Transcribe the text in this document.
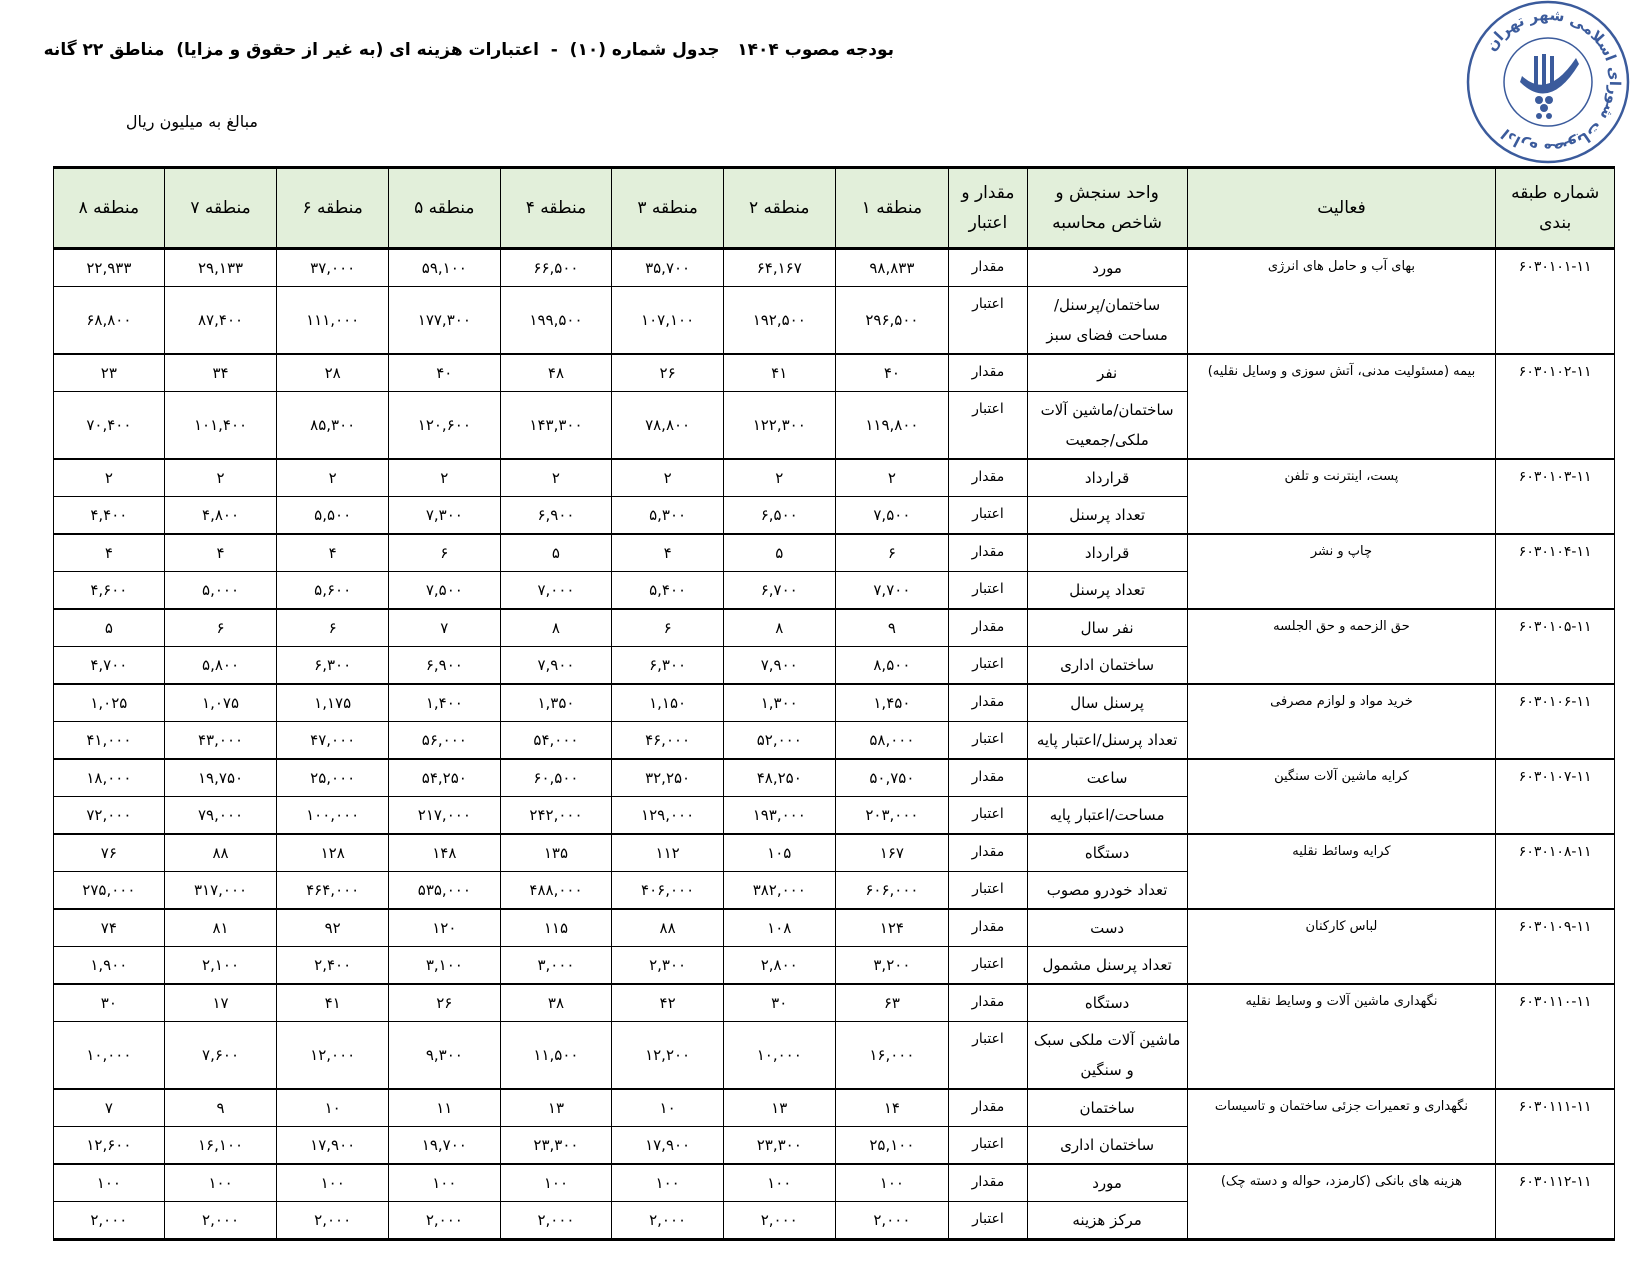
بودجه مصوب ۱۴۰۴   جدول شماره (۱۰)  -  اعتبارات هزینه ای (به غیر از حقوق و مزایا)  مناطق ۲۲ گانه
مبالغ به میلیون ریال
اداره مصوبات شورای اسلامی شهر تهران
شماره طبقه بندی	فعالیت	واحد سنجش و شاخص محاسبه	مقدار و اعتبار	منطقه ۱	منطقه ۲	منطقه ۳	منطقه ۴	منطقه ۵	منطقه ۶	منطقه ۷	منطقه ۸
۶۰۳۰۱۰۱-۱۱	بهای آب و حامل های انرژی	مورد	مقدار	۹۸,۸۳۳	۶۴,۱۶۷	۳۵,۷۰۰	۶۶,۵۰۰	۵۹,۱۰۰	۳۷,۰۰۰	۲۹,۱۳۳	۲۲,۹۳۳
		ساختمان/پرسنل/ مساحت فضای سبز	اعتبار	۲۹۶,۵۰۰	۱۹۲,۵۰۰	۱۰۷,۱۰۰	۱۹۹,۵۰۰	۱۷۷,۳۰۰	۱۱۱,۰۰۰	۸۷,۴۰۰	۶۸,۸۰۰
۶۰۳۰۱۰۲-۱۱	بیمه (مسئولیت مدنی، آتش سوزی و وسایل نقلیه)	نفر	مقدار	۴۰	۴۱	۲۶	۴۸	۴۰	۲۸	۳۴	۲۳
		ساختمان/ماشین آلات ملکی/جمعیت	اعتبار	۱۱۹,۸۰۰	۱۲۲,۳۰۰	۷۸,۸۰۰	۱۴۳,۳۰۰	۱۲۰,۶۰۰	۸۵,۳۰۰	۱۰۱,۴۰۰	۷۰,۴۰۰
۶۰۳۰۱۰۳-۱۱	پست، اینترنت و تلفن	قرارداد	مقدار	۲	۲	۲	۲	۲	۲	۲	۲
		تعداد پرسنل	اعتبار	۷,۵۰۰	۶,۵۰۰	۵,۳۰۰	۶,۹۰۰	۷,۳۰۰	۵,۵۰۰	۴,۸۰۰	۴,۴۰۰
۶۰۳۰۱۰۴-۱۱	چاپ و نشر	قرارداد	مقدار	۶	۵	۴	۵	۶	۴	۴	۴
		تعداد پرسنل	اعتبار	۷,۷۰۰	۶,۷۰۰	۵,۴۰۰	۷,۰۰۰	۷,۵۰۰	۵,۶۰۰	۵,۰۰۰	۴,۶۰۰
۶۰۳۰۱۰۵-۱۱	حق الزحمه و حق الجلسه	نفر سال	مقدار	۹	۸	۶	۸	۷	۶	۶	۵
		ساختمان اداری	اعتبار	۸,۵۰۰	۷,۹۰۰	۶,۳۰۰	۷,۹۰۰	۶,۹۰۰	۶,۳۰۰	۵,۸۰۰	۴,۷۰۰
۶۰۳۰۱۰۶-۱۱	خرید مواد و لوازم مصرفی	پرسنل سال	مقدار	۱,۴۵۰	۱,۳۰۰	۱,۱۵۰	۱,۳۵۰	۱,۴۰۰	۱,۱۷۵	۱,۰۷۵	۱,۰۲۵
		تعداد پرسنل/اعتبار پایه	اعتبار	۵۸,۰۰۰	۵۲,۰۰۰	۴۶,۰۰۰	۵۴,۰۰۰	۵۶,۰۰۰	۴۷,۰۰۰	۴۳,۰۰۰	۴۱,۰۰۰
۶۰۳۰۱۰۷-۱۱	کرایه ماشین آلات سنگین	ساعت	مقدار	۵۰,۷۵۰	۴۸,۲۵۰	۳۲,۲۵۰	۶۰,۵۰۰	۵۴,۲۵۰	۲۵,۰۰۰	۱۹,۷۵۰	۱۸,۰۰۰
		مساحت/اعتبار پایه	اعتبار	۲۰۳,۰۰۰	۱۹۳,۰۰۰	۱۲۹,۰۰۰	۲۴۲,۰۰۰	۲۱۷,۰۰۰	۱۰۰,۰۰۰	۷۹,۰۰۰	۷۲,۰۰۰
۶۰۳۰۱۰۸-۱۱	کرایه وسائط نقلیه	دستگاه	مقدار	۱۶۷	۱۰۵	۱۱۲	۱۳۵	۱۴۸	۱۲۸	۸۸	۷۶
		تعداد خودرو مصوب	اعتبار	۶۰۶,۰۰۰	۳۸۲,۰۰۰	۴۰۶,۰۰۰	۴۸۸,۰۰۰	۵۳۵,۰۰۰	۴۶۴,۰۰۰	۳۱۷,۰۰۰	۲۷۵,۰۰۰
۶۰۳۰۱۰۹-۱۱	لباس کارکنان	دست	مقدار	۱۲۴	۱۰۸	۸۸	۱۱۵	۱۲۰	۹۲	۸۱	۷۴
		تعداد پرسنل مشمول	اعتبار	۳,۲۰۰	۲,۸۰۰	۲,۳۰۰	۳,۰۰۰	۳,۱۰۰	۲,۴۰۰	۲,۱۰۰	۱,۹۰۰
۶۰۳۰۱۱۰-۱۱	نگهداری ماشین آلات و وسایط نقلیه	دستگاه	مقدار	۶۳	۳۰	۴۲	۳۸	۲۶	۴۱	۱۷	۳۰
		ماشین آلات ملکی سبک و سنگین	اعتبار	۱۶,۰۰۰	۱۰,۰۰۰	۱۲,۲۰۰	۱۱,۵۰۰	۹,۳۰۰	۱۲,۰۰۰	۷,۶۰۰	۱۰,۰۰۰
۶۰۳۰۱۱۱-۱۱	نگهداری و تعمیرات جزئی ساختمان و تاسیسات	ساختمان	مقدار	۱۴	۱۳	۱۰	۱۳	۱۱	۱۰	۹	۷
		ساختمان اداری	اعتبار	۲۵,۱۰۰	۲۳,۳۰۰	۱۷,۹۰۰	۲۳,۳۰۰	۱۹,۷۰۰	۱۷,۹۰۰	۱۶,۱۰۰	۱۲,۶۰۰
۶۰۳۰۱۱۲-۱۱	هزینه های بانکی (کارمزد، حواله و دسته چک)	مورد	مقدار	۱۰۰	۱۰۰	۱۰۰	۱۰۰	۱۰۰	۱۰۰	۱۰۰	۱۰۰
		مرکز هزینه	اعتبار	۲,۰۰۰	۲,۰۰۰	۲,۰۰۰	۲,۰۰۰	۲,۰۰۰	۲,۰۰۰	۲,۰۰۰	۲,۰۰۰
